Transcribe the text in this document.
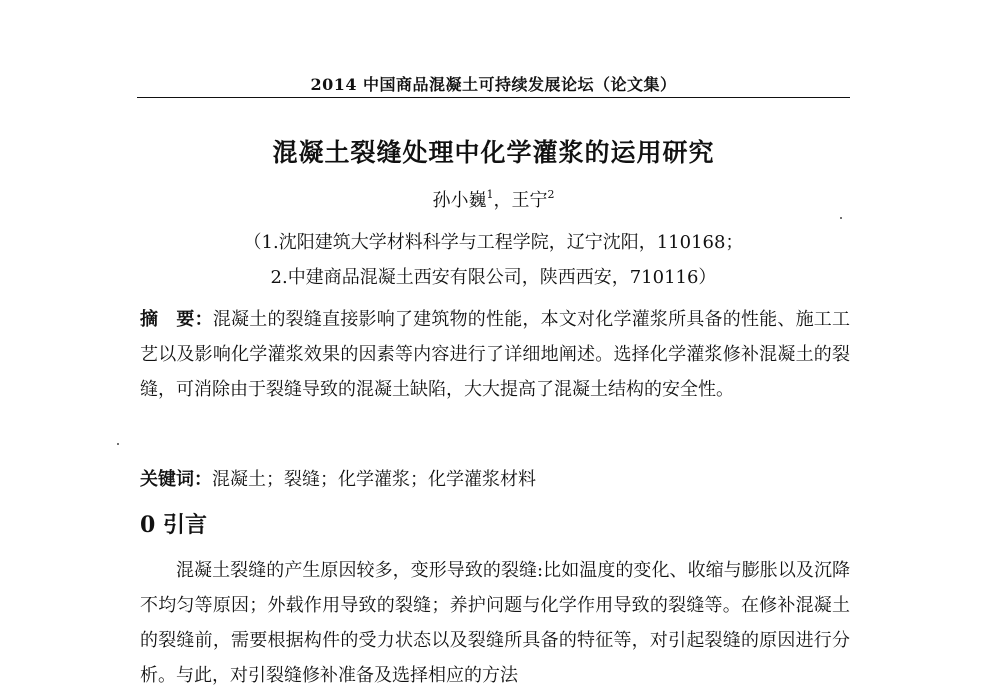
2014 中国商品混凝土可持续发展论坛（论文集）
混凝土裂缝处理中化学灌浆的运用研究
孙小巍$^1$，王宁$^2$
（1.沈阳建筑大学材料科学与工程学院，辽宁沈阳，110168；
2.中建商品混凝土西安有限公司，陕西西安，710116）
摘　要：混凝土的裂缝直接影响了建筑物的性能，本文对化学灌浆所具备的性能、施工工艺以及影响化学灌浆效果的因素等内容进行了详细地阐述。选择化学灌浆修补混凝土的裂缝，可消除由于裂缝导致的混凝土缺陷，大大提高了混凝土结构的安全性。
关键词：混凝土；裂缝；化学灌浆；化学灌浆材料
0 引言
混凝土裂缝的产生原因较多，变形导致的裂缝:比如温度的变化、收缩与膨胀以及沉降不均匀等原因；外载作用导致的裂缝；养护问题与化学作用导致的裂缝等。在修补混凝土的裂缝前，需要根据构件的受力状态以及裂缝所具备的特征等，对引起裂缝的原因进行分析。与此，对引裂缝修补准备及选择相应的方法
